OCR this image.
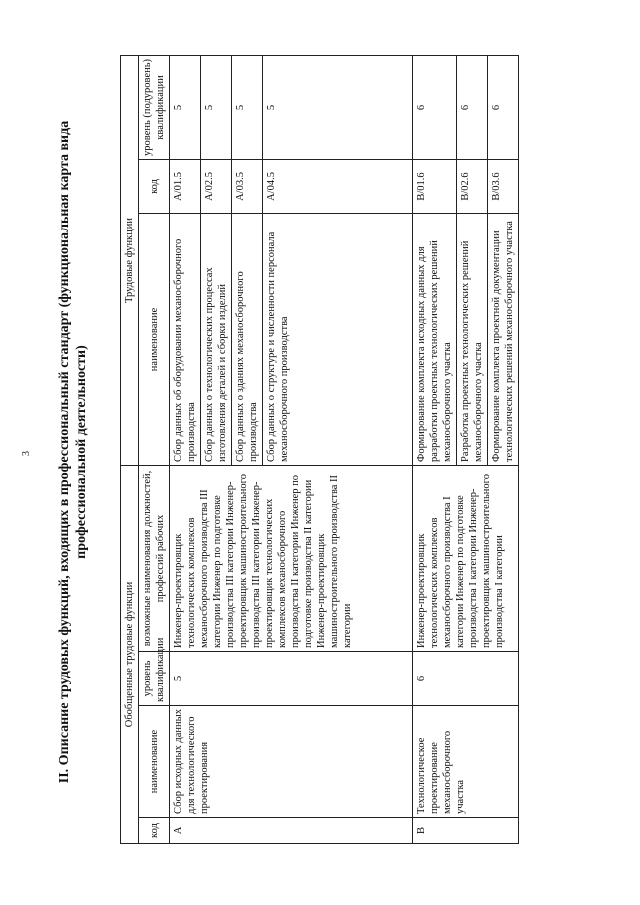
3 II. Описание трудовых функций, входящих в профессиональный стандарт (функциональная карта вида профессиональной деятельности)
Обобщенные трудовые функции				Трудовые функции		
код	наименование	уровень квалификации	возможные наименования должностей, профессий рабочих	наименование	код	уровень (подуровень) квалификации
A	Сбор исходных данных для технологического проектирования	5	Инженер-проектировщик технологических комплексов механосборочного производства III категории Инженер по подготовке производства III категории Инженер-проектировщик машиностроительного производства III категории Инженер-проектировщик технологических комплексов механосборочного производства II категории Инженер по подготовке производства II категории Инженер-проектировщик машиностроительного производства II категории	Сбор данных об оборудовании механосборочного производства	A/01.5	5
				Сбор данных о технологических процессах изготовления деталей и сборки изделий	A/02.5	5
				Сбор данных о зданиях механосборочного производства	A/03.5	5
				Сбор данных о структуре и численности персонала механосборочного производства	A/04.5	5
B	Технологическое проектирование механосборочного участка	6	Инженер-проектировщик технологических комплексов механосборочного производства I категории Инженер по подготовке производства I категории Инженер-проектировщик машиностроительного производства I категории	Формирование комплекта исходных данных для разработки проектных технологических решений механосборочного участка	B/01.6	6
				Разработка проектных технологических решений механосборочного участка	B/02.6	6
				Формирование комплекта проектной документации технологических решений механосборочного участка	B/03.6	6
